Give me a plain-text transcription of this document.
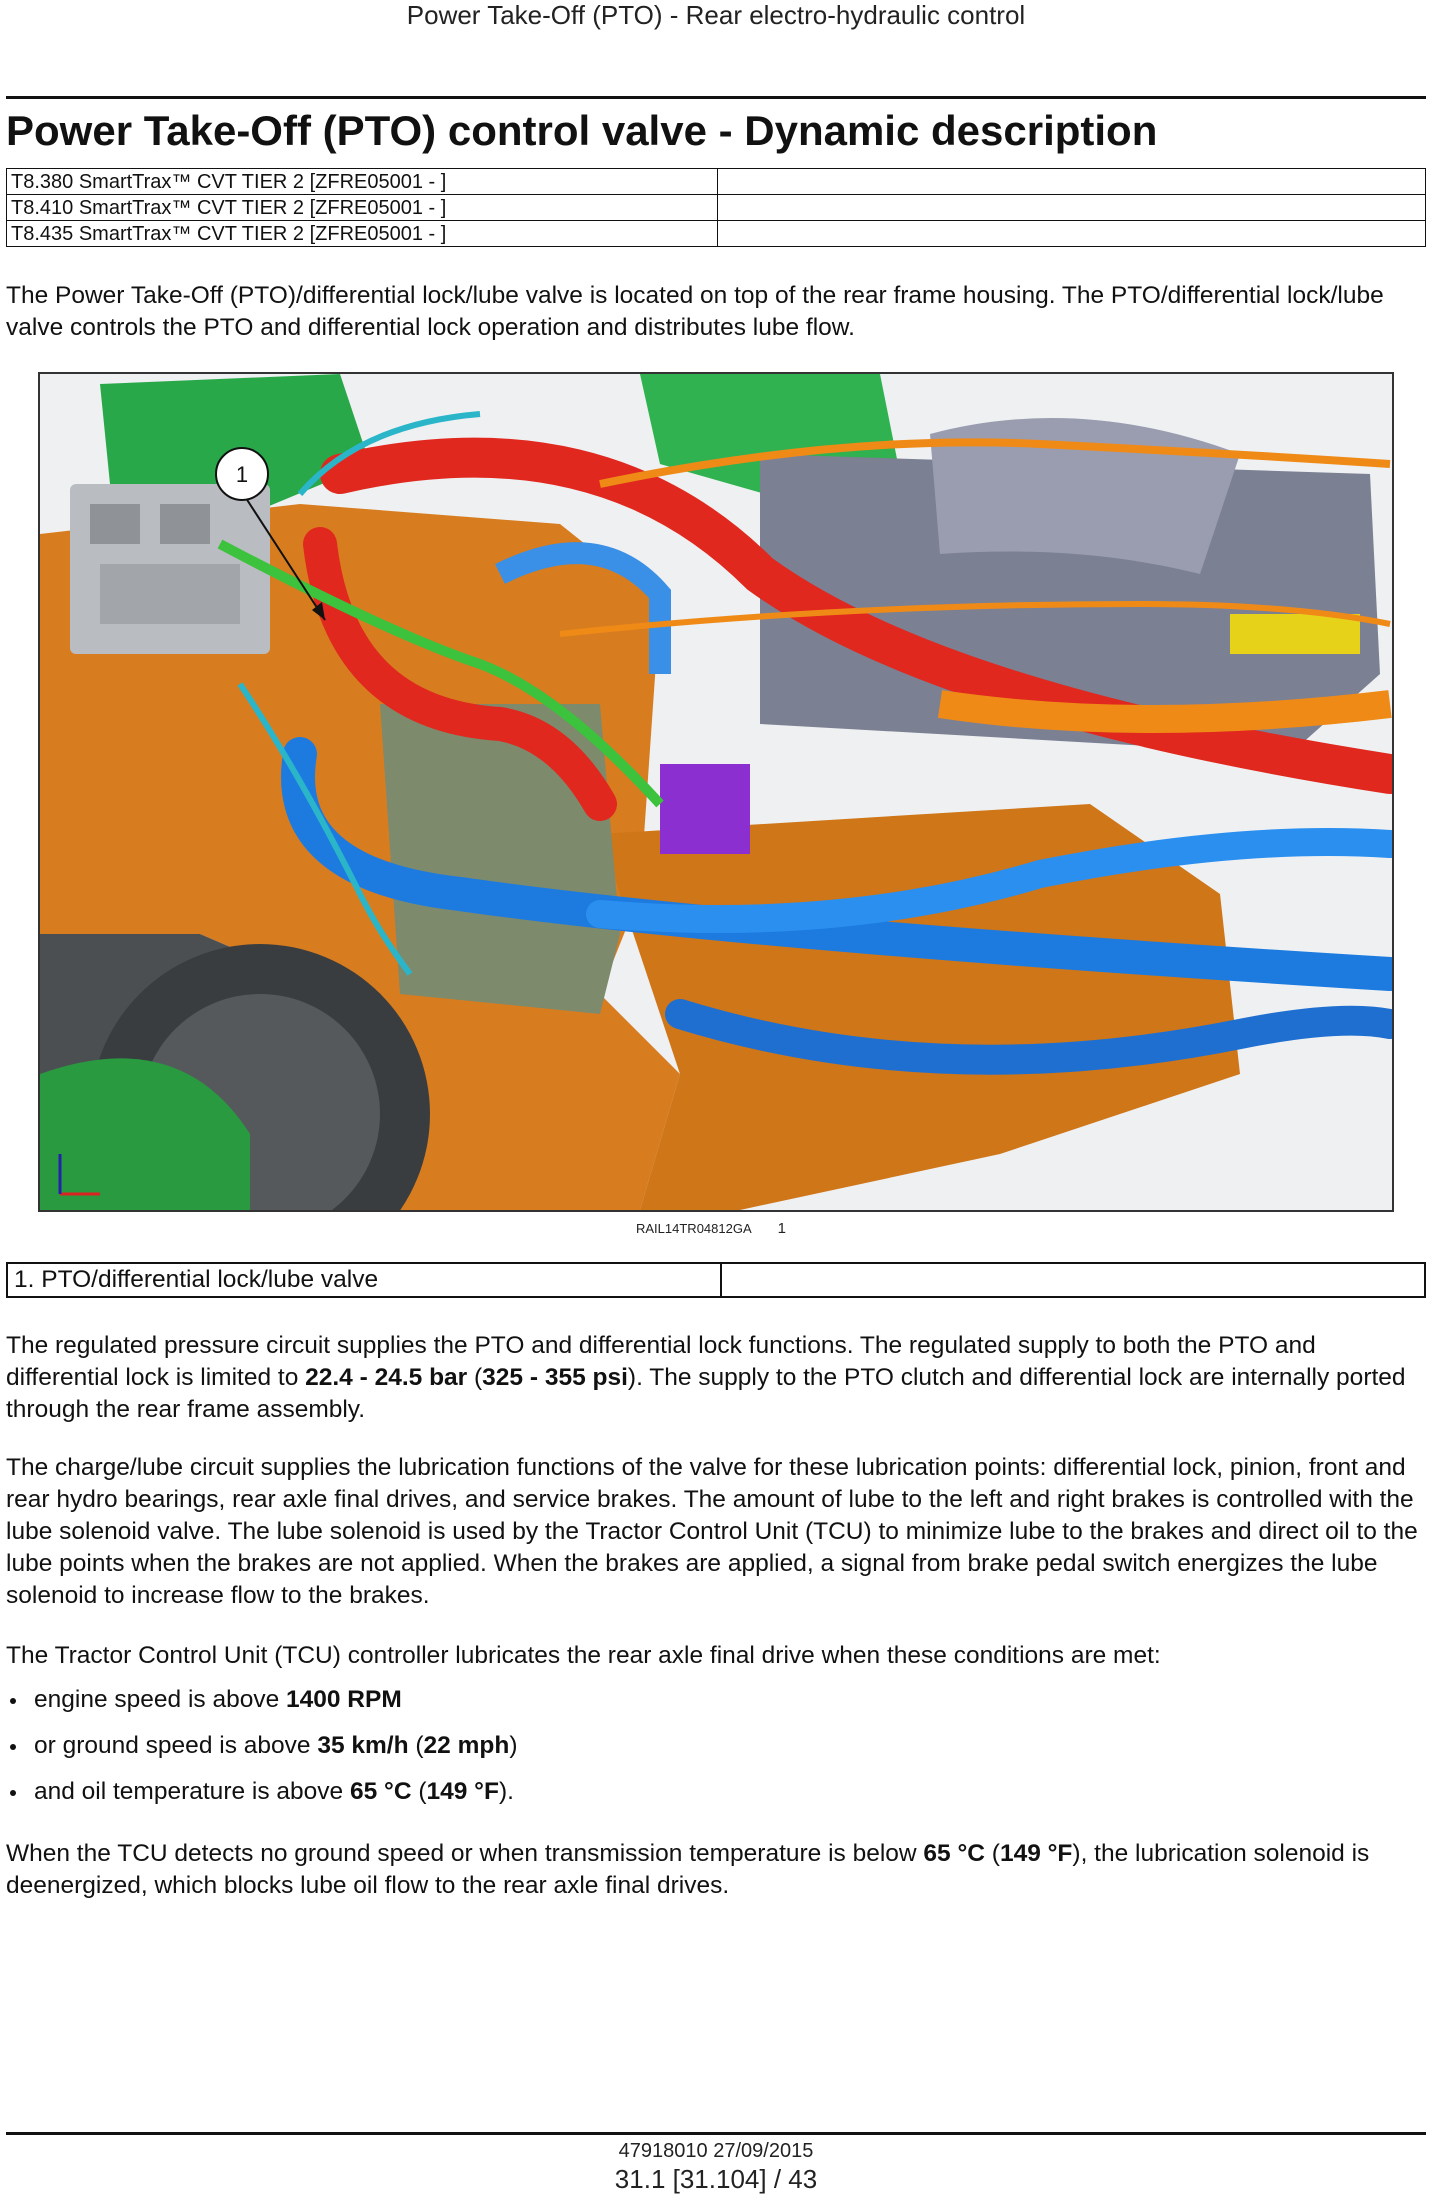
Power Take-Off (PTO) - Rear electro-hydraulic control
Power Take-Off (PTO) control valve - Dynamic description
T8.380 SmartTrax™ CVT TIER 2 [ZFRE05001 - ]	
T8.410 SmartTrax™ CVT TIER 2 [ZFRE05001 - ]	
T8.435 SmartTrax™ CVT TIER 2 [ZFRE05001 - ]	

The Power Take-Off (PTO)/differential lock/lube valve is located on top of the rear frame housing. The PTO/differential lock/lube valve controls the PTO and differential lock operation and distributes lube flow.

1
RAIL14TR04812GA 1
1. PTO/differential lock/lube valve	

The regulated pressure circuit supplies the PTO and differential lock functions. The regulated supply to both the PTO and differential lock is limited to 22.4 - 24.5 bar (325 - 355 psi). The supply to the PTO clutch and differential lock are internally ported through the rear frame assembly.

The charge/lube circuit supplies the lubrication functions of the valve for these lubrication points: differential lock, pinion, front and rear hydro bearings, rear axle final drives, and service brakes. The amount of lube to the left and right brakes is controlled with the lube solenoid valve. The lube solenoid is used by the Tractor Control Unit (TCU) to minimize lube to the brakes and direct oil to the lube points when the brakes are not applied. When the brakes are applied, a signal from brake pedal switch energizes the lube solenoid to increase flow to the brakes.

The Tractor Control Unit (TCU) controller lubricates the rear axle final drive when these conditions are met:

engine speed is above 1400 RPM
or ground speed is above 35 km/h (22 mph)
and oil temperature is above 65 °C (149 °F).

When the TCU detects no ground speed or when transmission temperature is below 65 °C (149 °F), the lubrication solenoid is deenergized, which blocks lube oil flow to the rear axle final drives.

47918010 27/09/2015
31.1 [31.104] / 43
